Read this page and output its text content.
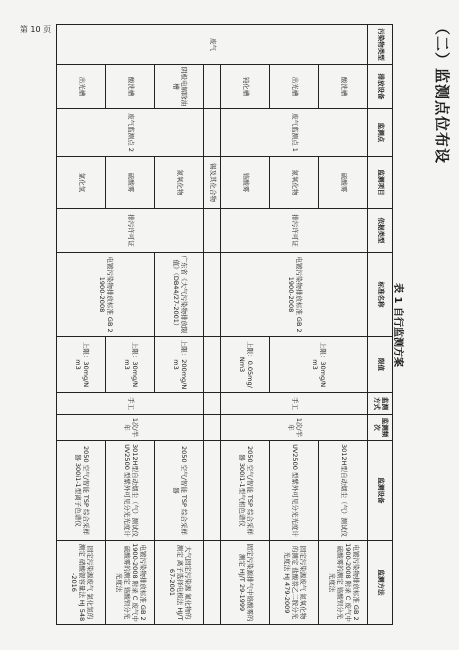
（二）监测点位布设
表 1 自行监测方案
污染物类型	排放设备	监测点	监测项目	依据类型	标准名称	限值	监测方式	监测频次	监测设备	监测方法
废气	酸洗槽	废气监测点 1	硫酸雾	排污许可证	电镀污染物排放标准 GB 21900-2008	上限：30mg/Nm3	手工	1次/半年	3012H型自动烟尘（气）测试仪	电镀污染物排放标准 GB 21900-2008 附录 C 废气中硫酸雾的测定 铬酸钡分光光度法
	出光槽		氮氧化物						UV2500 型紫外可见分光光度计	固定污染源废气 氮氧化物的测定 盐酸萘乙二胺分光光度法 HJ 479-2009
	钝化槽		铬酸雾			上限：0.05mg/Nm3			2050 空气/智能 TSP 综合采样器 300i1-1型气相色谱仪	固定污染源排气中铬酸雾的测定 HJ/T 29-1999
			锡及其化合物							
	阴极电解除油槽	废气监测点 2	氮氧化物	排污许可证	广东省《大气污染物排放限值》（DB44/27-2001）	上限：200mg/Nm3	手工	1次/半年	2050 空气/智能 TSP 综合采样器	大气固定污染源 氟化物的测定 离子选择电极法 HJ/T 67-2001
	酸洗槽		硫酸雾		电镀污染物排放标准 GB 21900-2008	上限：30mg/Nm3			3012H型自动烟尘（气）测试仪 UV2500 型紫外可见分光光度计	电镀污染物排放标准 GB 21900-2008 附录 C 废气中硫酸雾的测定 铬酸钡分光光度法
	出光槽		氯化氢			上限：30mg/Nm3			2050 空气/智能 TSP 综合采样器 300i1-1型离子色谱仪	固定污染源废气 氯化氢的测定 硝酸银容量法 HJ 548-2016
第 10 页
